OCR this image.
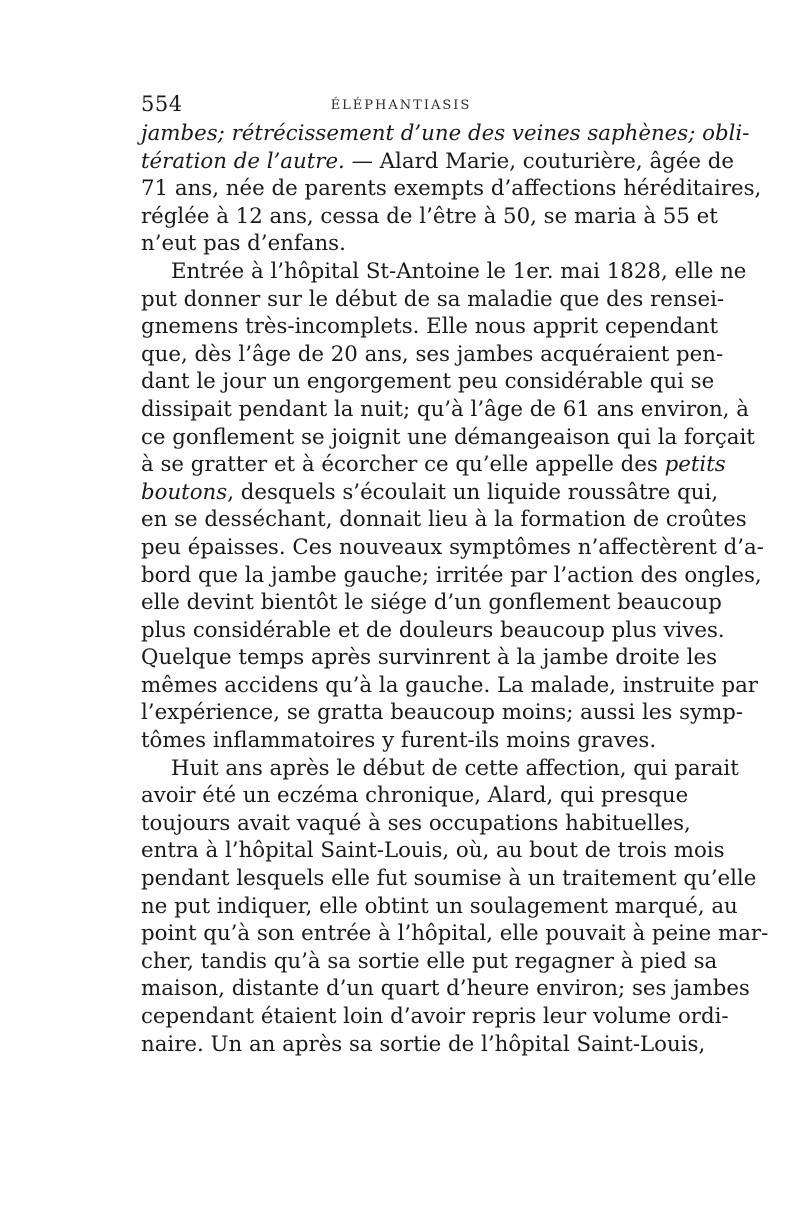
554	ÉLÉPHANTIASIS
jambes; rétrécissement d’une des veines saphènes; obli-
tération de l’autre. — Alard Marie, couturière, âgée de
71 ans, née de parents exempts d’affections héréditaires,
réglée à 12 ans, cessa de l’être à 50, se maria à 55 et
n’eut pas d’enfans.
Entrée à l’hôpital St-Antoine le 1er. mai 1828, elle ne
put donner sur le début de sa maladie que des rensei-
gnemens très-incomplets. Elle nous apprit cependant
que, dès l’âge de 20 ans, ses jambes acquéraient pen-
dant le jour un engorgement peu considérable qui se
dissipait pendant la nuit; qu’à l’âge de 61 ans environ, à
ce gonflement se joignit une démangeaison qui la forçait
à se gratter et à écorcher ce qu’elle appelle des petits
boutons, desquels s’écoulait un liquide roussâtre qui,
en se desséchant, donnait lieu à la formation de croûtes
peu épaisses. Ces nouveaux symptômes n’affectèrent d’a-
bord que la jambe gauche; irritée par l’action des ongles,
elle devint bientôt le siége d’un gonflement beaucoup
plus considérable et de douleurs beaucoup plus vives.
Quelque temps après survinrent à la jambe droite les
mêmes accidens qu’à la gauche. La malade, instruite par
l’expérience, se gratta beaucoup moins; aussi les symp-
tômes inflammatoires y furent-ils moins graves.
Huit ans après le début de cette affection, qui parait
avoir été un eczéma chronique, Alard, qui presque
toujours avait vaqué à ses occupations habituelles,
entra à l’hôpital Saint-Louis, où, au bout de trois mois
pendant lesquels elle fut soumise à un traitement qu’elle
ne put indiquer, elle obtint un soulagement marqué, au
point qu’à son entrée à l’hôpital, elle pouvait à peine mar-
cher, tandis qu’à sa sortie elle put regagner à pied sa
maison, distante d’un quart d’heure environ; ses jambes
cependant étaient loin d’avoir repris leur volume ordi-
naire. Un an après sa sortie de l’hôpital Saint-Louis,
